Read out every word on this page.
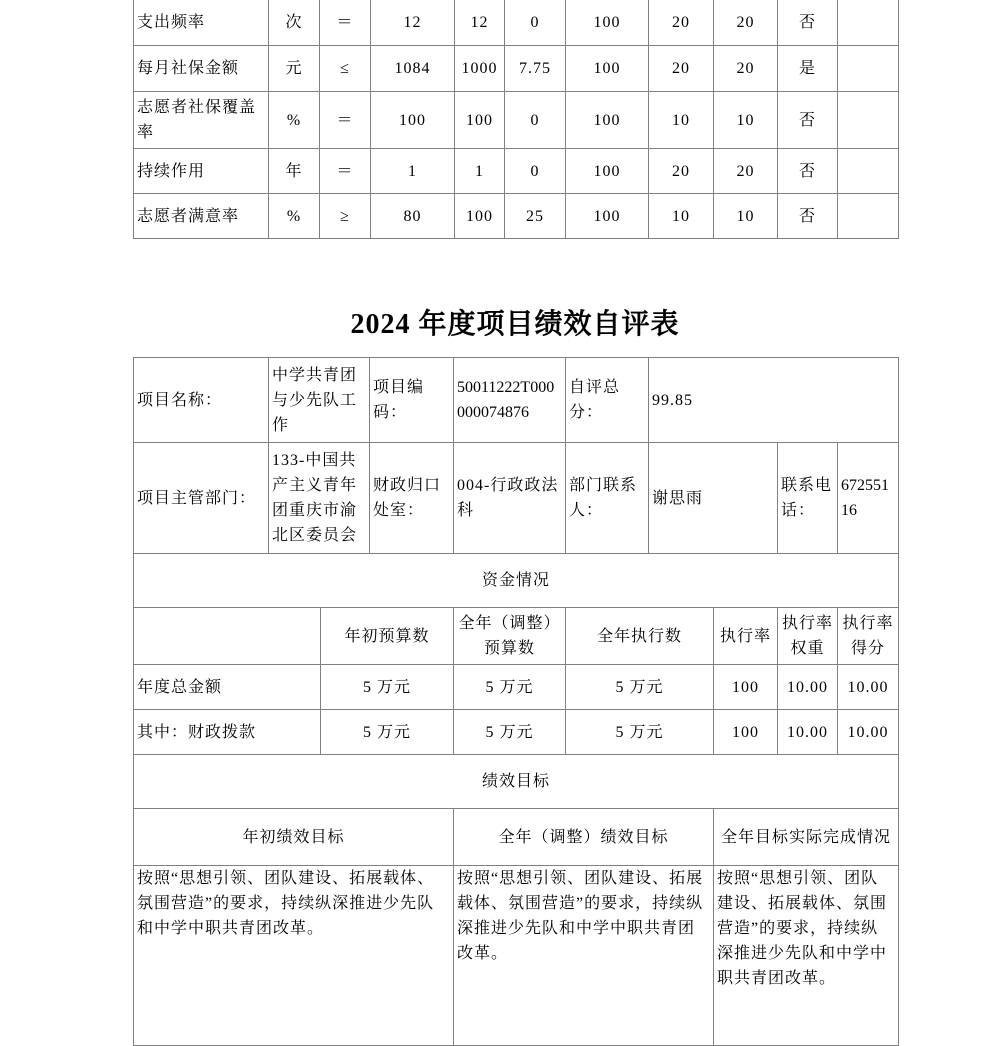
支出频率	次	＝	12	12	0	100	20	20	否	
每月社保金额	元	≤	1084	1000	7.75	100	20	20	是	
志愿者社保覆盖率	%	＝	100	100	0	100	10	10	否	
持续作用	年	＝	1	1	0	100	20	20	否	
志愿者满意率	%	≥	80	100	25	100	10	10	否	
2024 年度项目绩效自评表
项目名称：	中学共青团与少先队工作		项目编码：	50011222T000000074876	自评总分：	99.85			
项目主管部门：	133-中国共产主义青年团重庆市渝北区委员会		财政归口处室：	004-行政政法科	部门联系人：	谢思雨		联系电话：	67255116
资金情况									
		年初预算数		全年（调整）预算数	全年执行数		执行率	执行率权重	执行率得分
年度总金额		5 万元		5 万元	5 万元		100	10.00	10.00
其中：财政拨款		5 万元		5 万元	5 万元		100	10.00	10.00
绩效目标									
年初绩效目标				全年（调整）绩效目标			全年目标实际完成情况		
按照“思想引领、团队建设、拓展载体、氛围营造”的要求，持续纵深推进少先队和中学中职共青团改革。				按照“思想引领、团队建设、拓展载体、氛围营造”的要求，持续纵深推进少先队和中学中职共青团改革。			按照“思想引领、团队建设、拓展载体、氛围营造”的要求，持续纵深推进少先队和中学中职共青团改革。		
